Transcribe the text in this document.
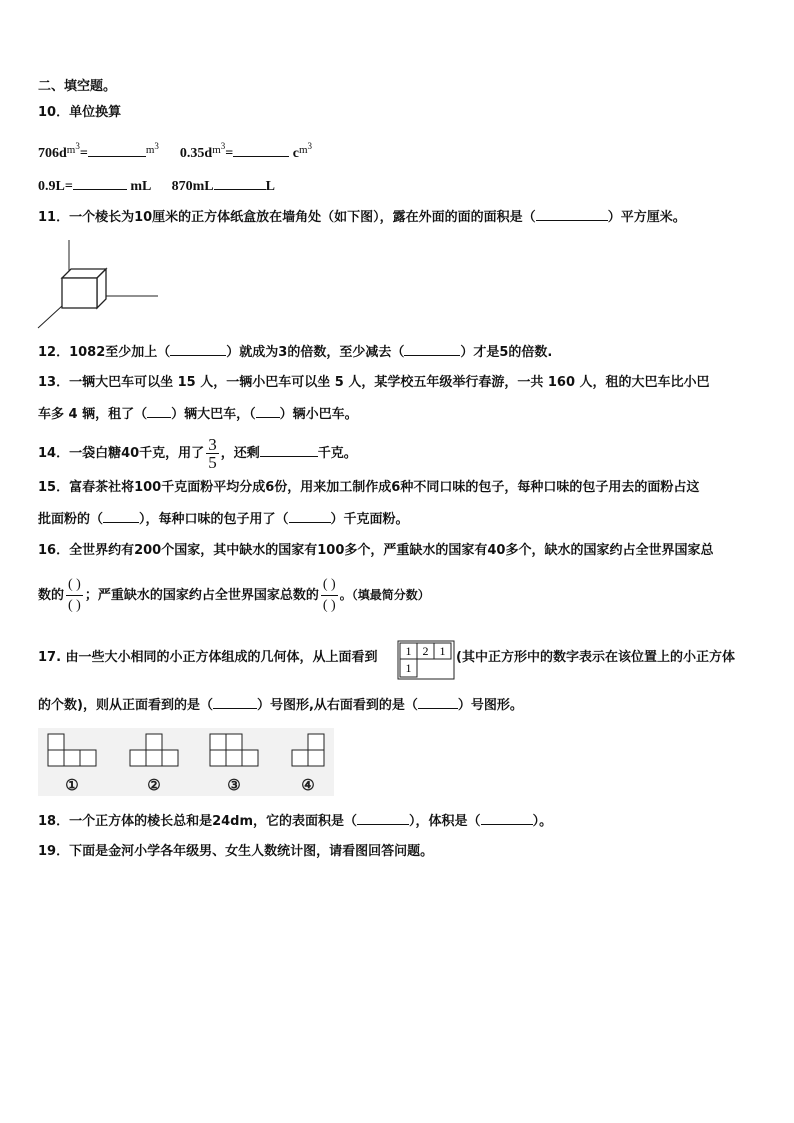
二、填空题。
10．单位换算
$706d^{m3}=$	$^{m3}$ $0.35d^{m3}=$	$c^{m3}$
0.9L=	mL 870mL	L
11．一个棱长为10厘米的正方体纸盒放在墙角处（如下图），露在外面的面的面积是（	）平方厘米。
12．1082至少加上（	）就成为3的倍数，至少减去（	）才是5的倍数.
13．一辆大巴车可以坐 15 人，一辆小巴车可以坐 5 人，某学校五年级举行春游，一共 160 人，租的大巴车比小巴
车多 4 辆，租了（ ）辆大巴车，（ ）辆小巴车。
14．一袋白糖40千克，用了 $\frac{3}{5}$ ，还剩	千克。
15．富春茶社将100千克面粉平均分成6份，用来加工制作成6种不同口味的包子，每种口味的包子用去的面粉占这
批面粉的（	），每种口味的包子用了（	）千克面粉。
16．全世界约有200个国家，其中缺水的国家有100多个，严重缺水的国家有40多个，缺水的国家约占全世界国家总
数的 $\frac{( )}{( )}$ ；严重缺水的国家约占全世界国家总数的 $\frac{( )}{( )}$ 。（填最简分数）
17. 由一些大小相同的小正方体组成的几何体，从上面看到 1 2 1
1
(其中正方形中的数字表示在该位置上的小正方体
的个数)，则从正面看到的是（	）号图形,从右面看到的是（	）号图形。
①	②	③	④
18．一个正方体的棱长总和是24dm，它的表面积是（	），体积是（	）。
19．下面是金河小学各年级男、女生人数统计图，请看图回答问题。
